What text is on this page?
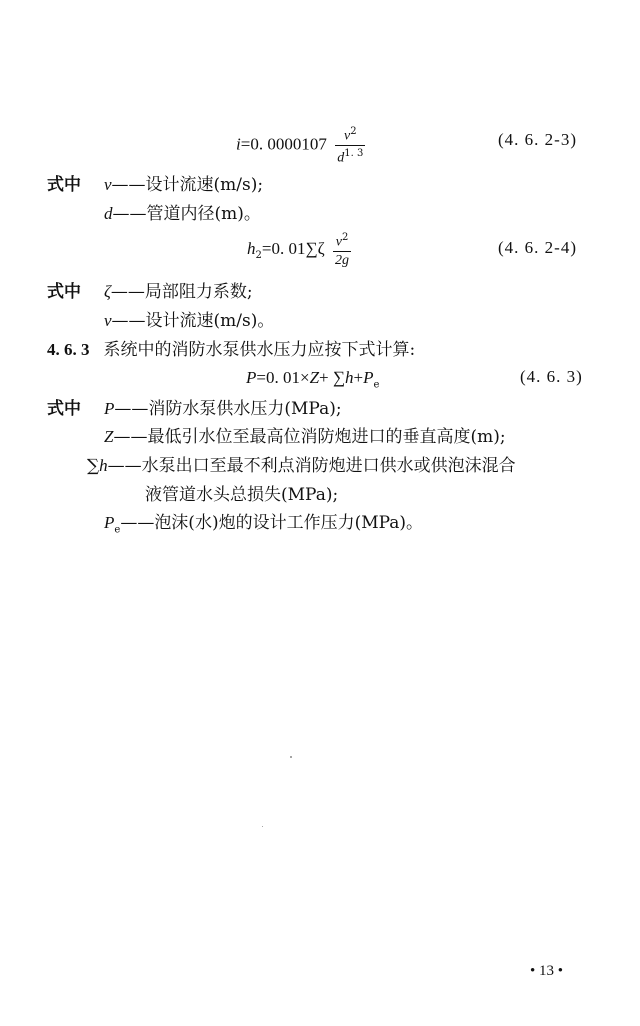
i=0. $0000107 \frac{v^2}{d^{1. 3}}$	(4. 6. 2-3)
式中 v——设计流速(m/s);
d——管道内径(m)。
$h_2=0$. $01\sum\zeta \frac{v^2}{2g}$	(4. 6. 2-4)
式中 ζ——局部阻力系数;
v——设计流速(m/s)。
4. 6. 3 系统中的消防水泵供水压力应按下式计算:
P=0. $01\times Z+ \sum h+P_e$	(4. 6. 3)
式中 P——消防水泵供水压力(MPa);
Z——最低引水位至最高位消防炮进口的垂直高度(m);
∑h——水泵出口至最不利点消防炮进口供水或供泡沫混合
液管道水头总损失(MPa);
$P_e——$泡沫(水)炮的设计工作压力(MPa)。
• 13 •
